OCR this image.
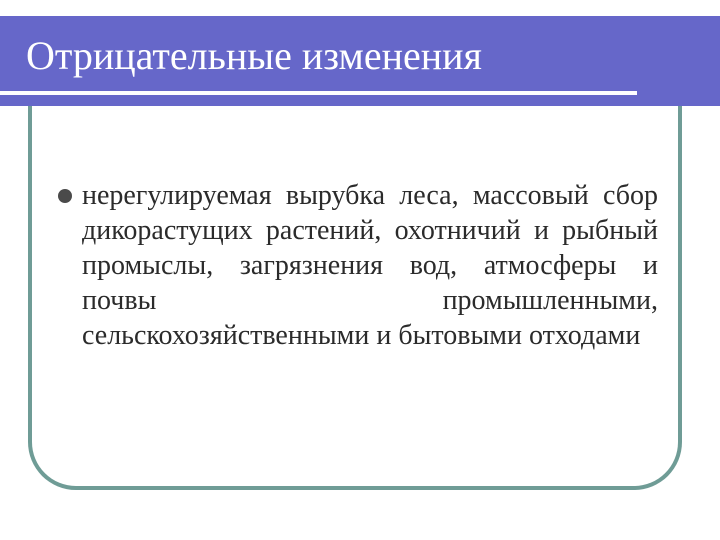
Отрицательные изменения
нерегулируемая вырубка леса, массовый сбор дикорастущих растений, охотничий и рыбный промыслы, загрязнения вод, атмосферы и почвы промышленными, сельскохозяйственными и бытовыми отходами
